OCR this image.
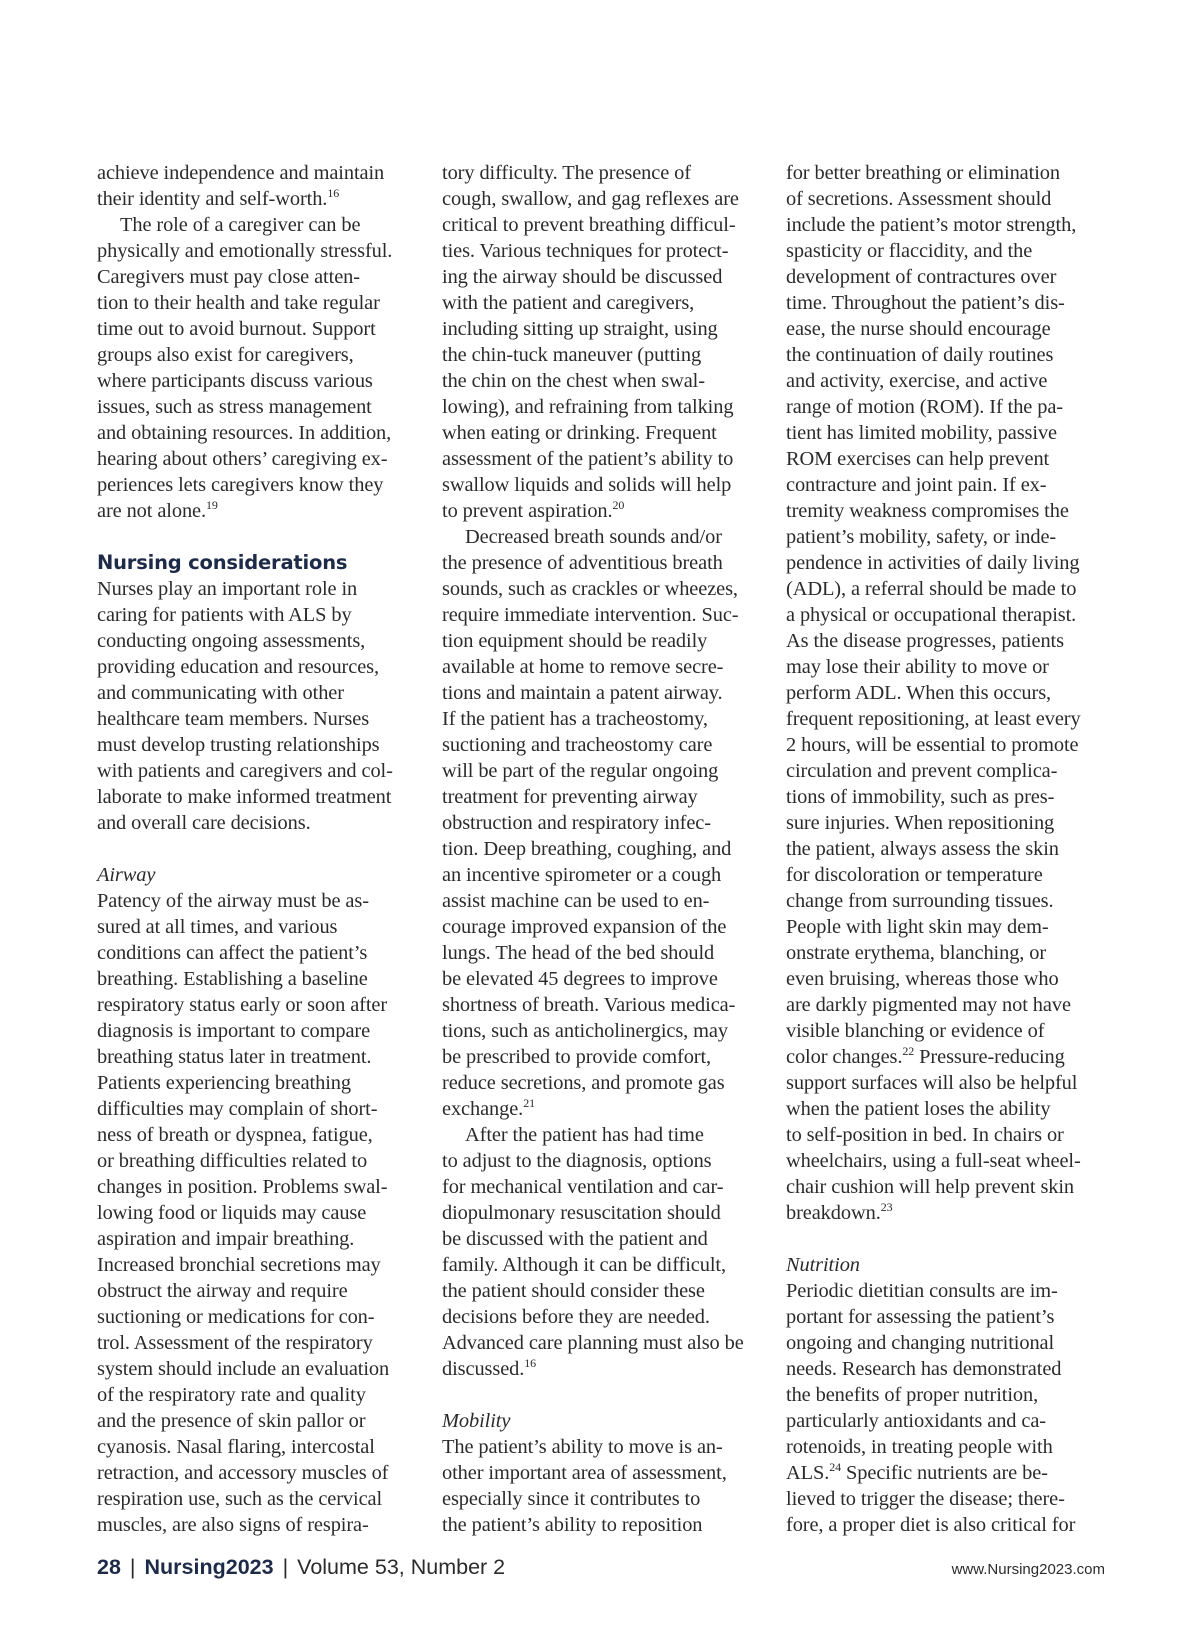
achieve independence and maintain
their identity and self-worth.$^{16}$
The role of a caregiver can be
physically and emotionally stressful.
Caregivers must pay close atten-
tion to their health and take regular
time out to avoid burnout. Support
groups also exist for caregivers,
where participants discuss various
issues, such as stress management
and obtaining resources. In addition,
hearing about others’ caregiving ex-
periences lets caregivers know they
are not alone.$^{19}$
Nursing considerations
Nurses play an important role in
caring for patients with ALS by
conducting ongoing assessments,
providing education and resources,
and communicating with other
healthcare team members. Nurses
must develop trusting relationships
with patients and caregivers and col-
laborate to make informed treatment
and overall care decisions.
Airway
Patency of the airway must be as-
sured at all times, and various
conditions can affect the patient’s
breathing. Establishing a baseline
respiratory status early or soon after
diagnosis is important to compare
breathing status later in treatment.
Patients experiencing breathing
difficulties may complain of short-
ness of breath or dyspnea, fatigue,
or breathing difficulties related to
changes in position. Problems swal-
lowing food or liquids may cause
aspiration and impair breathing.
Increased bronchial secretions may
obstruct the airway and require
suctioning or medications for con-
trol. Assessment of the respiratory
system should include an evaluation
of the respiratory rate and quality
and the presence of skin pallor or
cyanosis. Nasal flaring, intercostal
retraction, and accessory muscles of
respiration use, such as the cervical
muscles, are also signs of respira-
tory difficulty. The presence of
cough, swallow, and gag reflexes are
critical to prevent breathing difficul-
ties. Various techniques for protect-
ing the airway should be discussed
with the patient and caregivers,
including sitting up straight, using
the chin-tuck maneuver (putting
the chin on the chest when swal-
lowing), and refraining from talking
when eating or drinking. Frequent
assessment of the patient’s ability to
swallow liquids and solids will help
to prevent aspiration.$^{20}$
Decreased breath sounds and/or
the presence of adventitious breath
sounds, such as crackles or wheezes,
require immediate intervention. Suc-
tion equipment should be readily
available at home to remove secre-
tions and maintain a patent airway.
If the patient has a tracheostomy,
suctioning and tracheostomy care
will be part of the regular ongoing
treatment for preventing airway
obstruction and respiratory infec-
tion. Deep breathing, coughing, and
an incentive spirometer or a cough
assist machine can be used to en-
courage improved expansion of the
lungs. The head of the bed should
be elevated 45 degrees to improve
shortness of breath. Various medica-
tions, such as anticholinergics, may
be prescribed to provide comfort,
reduce secretions, and promote gas
exchange.$^{21}$
After the patient has had time
to adjust to the diagnosis, options
for mechanical ventilation and car-
diopulmonary resuscitation should
be discussed with the patient and
family. Although it can be difficult,
the patient should consider these
decisions before they are needed.
Advanced care planning must also be
discussed.$^{16}$
Mobility
The patient’s ability to move is an-
other important area of assessment,
especially since it contributes to
the patient’s ability to reposition
for better breathing or elimination
of secretions. Assessment should
include the patient’s motor strength,
spasticity or flaccidity, and the
development of contractures over
time. Throughout the patient’s dis-
ease, the nurse should encourage
the continuation of daily routines
and activity, exercise, and active
range of motion (ROM). If the pa-
tient has limited mobility, passive
ROM exercises can help prevent
contracture and joint pain. If ex-
tremity weakness compromises the
patient’s mobility, safety, or inde-
pendence in activities of daily living
(ADL), a referral should be made to
a physical or occupational therapist.
As the disease progresses, patients
may lose their ability to move or
perform ADL. When this occurs,
frequent repositioning, at least every
2 hours, will be essential to promote
circulation and prevent complica-
tions of immobility, such as pres-
sure injuries. When repositioning
the patient, always assess the skin
for discoloration or temperature
change from surrounding tissues.
People with light skin may dem-
onstrate erythema, blanching, or
even bruising, whereas those who
are darkly pigmented may not have
visible blanching or evidence of
color changes.$^{22}$ Pressure-reducing
support surfaces will also be helpful
when the patient loses the ability
to self-position in bed. In chairs or
wheelchairs, using a full-seat wheel-
chair cushion will help prevent skin
breakdown.$^{23}$
Nutrition
Periodic dietitian consults are im-
portant for assessing the patient’s
ongoing and changing nutritional
needs. Research has demonstrated
the benefits of proper nutrition,
particularly antioxidants and ca-
rotenoids, in treating people with
ALS.$^{24}$ Specific nutrients are be-
lieved to trigger the disease; there-
fore, a proper diet is also critical for
28 | Nursing2023 | Volume 53, Number 2	www.Nursing2023.com
